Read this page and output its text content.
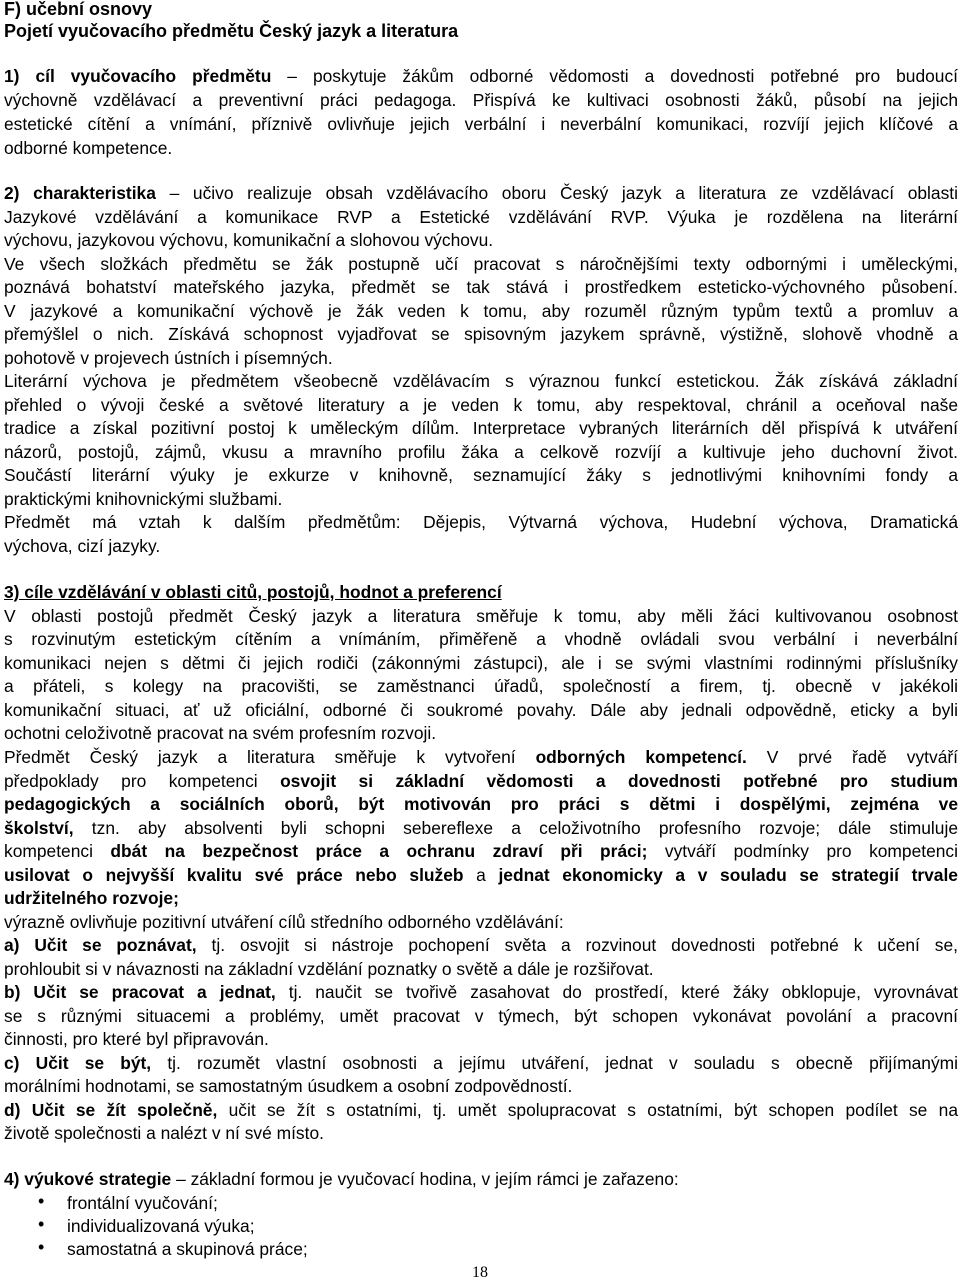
F) učební osnovy
Pojetí vyučovacího předmětu Český jazyk a literatura
1) cíl vyučovacího předmětu – poskytuje žákům odborné vědomosti a dovednosti potřebné pro budoucí
výchovně vzdělávací a preventivní práci pedagoga. Přispívá ke kultivaci osobnosti žáků, působí na jejich
estetické cítění a vnímání, příznivě ovlivňuje jejich verbální i neverbální komunikaci, rozvíjí jejich klíčové a
odborné kompetence.
2) charakteristika – učivo realizuje obsah vzdělávacího oboru Český jazyk a literatura ze vzdělávací oblasti
Jazykové vzdělávání a komunikace RVP a Estetické vzdělávání RVP. Výuka je rozdělena na literární
výchovu, jazykovou výchovu, komunikační a slohovou výchovu.
Ve všech složkách předmětu se žák postupně učí pracovat s náročnějšími texty odbornými i uměleckými,
poznává bohatství mateřského jazyka, předmět se tak stává i prostředkem esteticko-výchovného působení.
V jazykové a komunikační výchově je žák veden k tomu, aby rozuměl různým typům textů a promluv a
přemýšlel o nich. Získává schopnost vyjadřovat se spisovným jazykem správně, výstižně, slohově vhodně a
pohotově v projevech ústních i písemných.
Literární výchova je předmětem všeobecně vzdělávacím s výraznou funkcí estetickou. Žák získává základní
přehled o vývoji české a světové literatury a je veden k tomu, aby respektoval, chránil a oceňoval naše
tradice a získal pozitivní postoj k uměleckým dílům. Interpretace vybraných literárních děl přispívá k utváření
názorů, postojů, zájmů, vkusu a mravního profilu žáka a celkově rozvíjí a kultivuje jeho duchovní život.
Součástí literární výuky je exkurze v knihovně, seznamující žáky s jednotlivými knihovními fondy a
praktickými knihovnickými službami.
Předmět má vztah k dalším předmětům: Dějepis, Výtvarná výchova, Hudební výchova, Dramatická
výchova, cizí jazyky.
3) cíle vzdělávání v oblasti citů, postojů, hodnot a preferencí
V oblasti postojů předmět Český jazyk a literatura směřuje k tomu, aby měli žáci kultivovanou osobnost
s rozvinutým estetickým cítěním a vnímáním, přiměřeně a vhodně ovládali svou verbální i neverbální
komunikaci nejen s dětmi či jejich rodiči (zákonnými zástupci), ale i se svými vlastními rodinnými příslušníky
a přáteli, s kolegy na pracovišti, se zaměstnanci úřadů, společností a firem, tj. obecně v jakékoli
komunikační situaci, ať už oficiální, odborné či soukromé povahy. Dále aby jednali odpovědně, eticky a byli
ochotni celoživotně pracovat na svém profesním rozvoji.
Předmět Český jazyk a literatura směřuje k vytvoření odborných kompetencí. V prvé řadě vytváří
předpoklady pro kompetenci osvojit si základní vědomosti a dovednosti potřebné pro studium
pedagogických a sociálních oborů, být motivován pro práci s dětmi i dospělými, zejména ve
školství, tzn. aby absolventi byli schopni sebereflexe a celoživotního profesního rozvoje; dále stimuluje
kompetenci dbát na bezpečnost práce a ochranu zdraví při práci; vytváří podmínky pro kompetenci
usilovat o nejvyšší kvalitu své práce nebo služeb a jednat ekonomicky a v souladu se strategií trvale
udržitelného rozvoje;
výrazně ovlivňuje pozitivní utváření cílů středního odborného vzdělávání:
a) Učit se poznávat, tj. osvojit si nástroje pochopení světa a rozvinout dovednosti potřebné k učení se,
prohloubit si v návaznosti na základní vzdělání poznatky o světě a dále je rozšiřovat.
b) Učit se pracovat a jednat, tj. naučit se tvořivě zasahovat do prostředí, které žáky obklopuje, vyrovnávat
se s různými situacemi a problémy, umět pracovat v týmech, být schopen vykonávat povolání a pracovní
činnosti, pro které byl připravován.
c) Učit se být, tj. rozumět vlastní osobnosti a jejímu utváření, jednat v souladu s obecně přijímanými
morálními hodnotami, se samostatným úsudkem a osobní zodpovědností.
d) Učit se žít společně, učit se žít s ostatními, tj. umět spolupracovat s ostatními, být schopen podílet se na
životě společnosti a nalézt v ní své místo.
4) výukové strategie – základní formou je vyučovací hodina, v jejím rámci je zařazeno:
• frontální vyučování;
• individualizovaná výuka;
• samostatná a skupinová práce;
18
